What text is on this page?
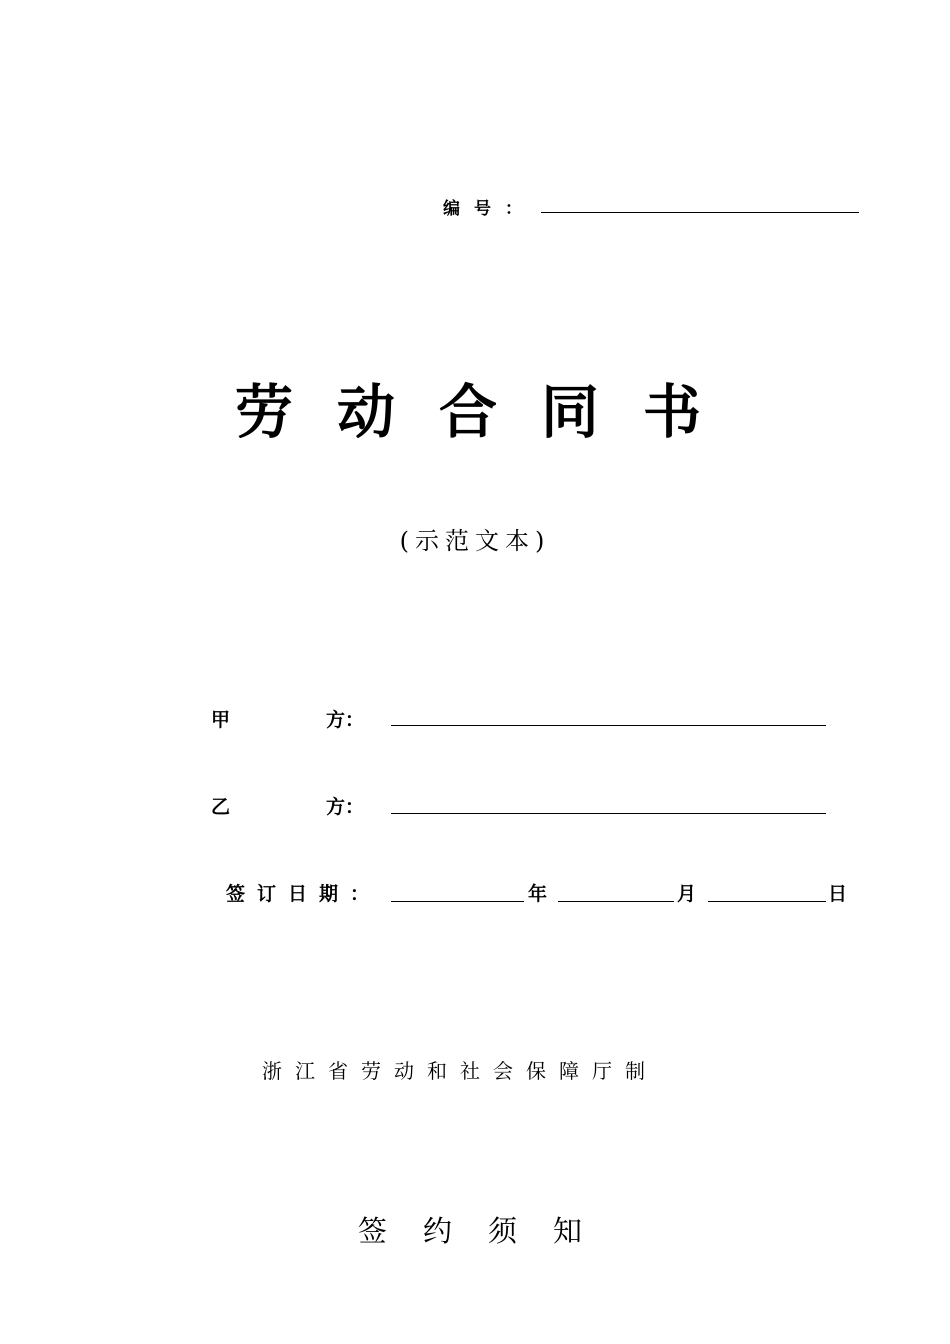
编号：
劳动合同书
(示范文本)
甲	方：
乙	方：
签订日期：	年	月	日
浙江省劳动和社会保障厅制
签约须知
